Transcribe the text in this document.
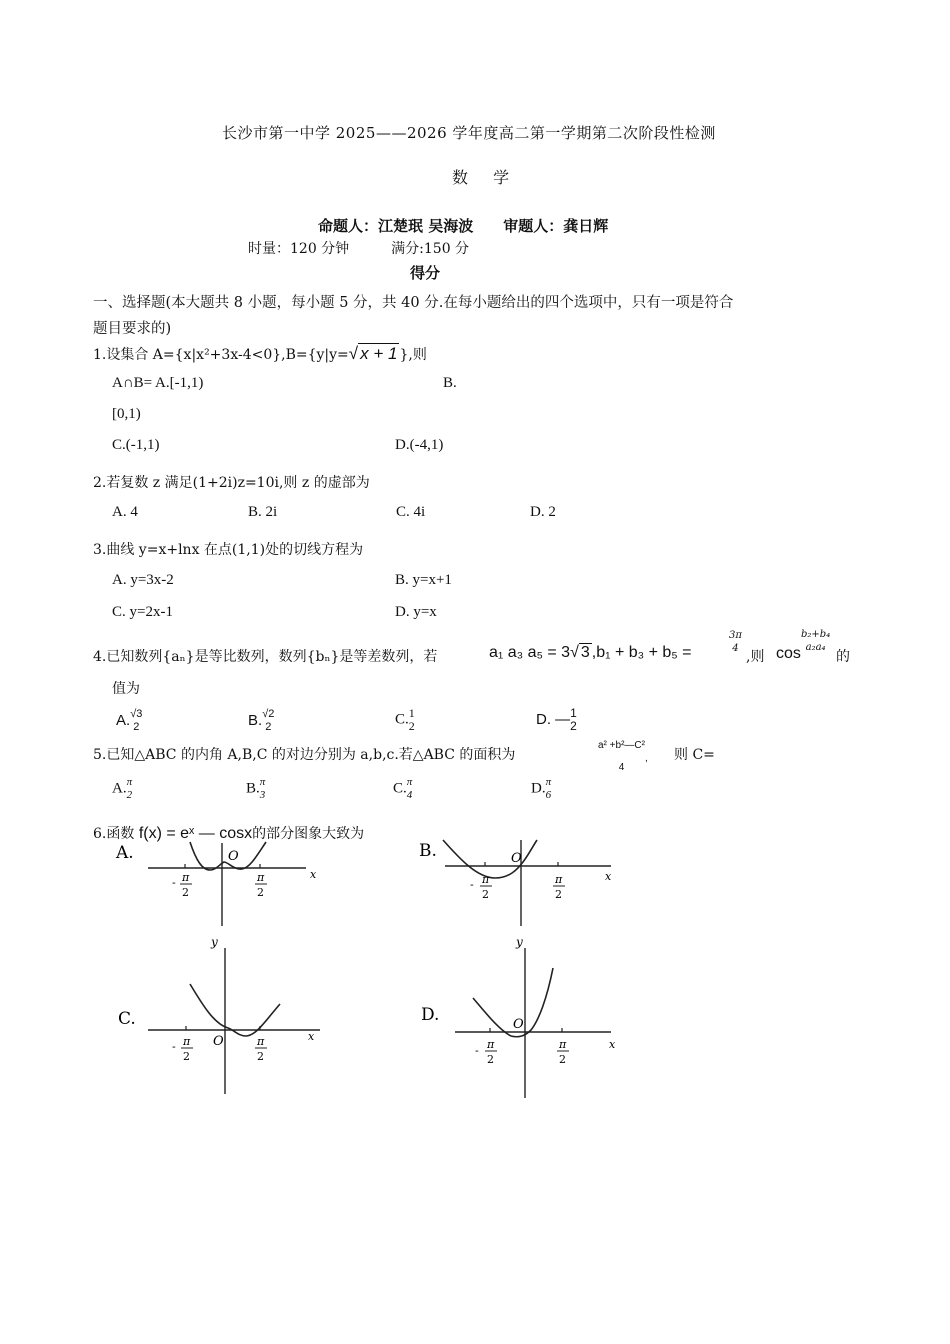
长沙市第一中学 2025——2026 学年度高二第一学期第二次阶段性检测
数 学
命题人：江楚珉 吴海波　　审题人：龚日辉
时量：120 分钟　　　满分:150 分
得分
一、选择题(本大题共 8 小题，每小题 5 分，共 40 分.在每小题给出的四个选项中，只有一项是符合
题目要求的)
1.设集合 A={x|x²+3x-4<0},B={y|y=√ x + 1 },则
A∩B= A.[-1,1)	B.
[0,1)
C.(-1,1)	D.(-4,1)
2.若复数 z 满足(1+2i)z=10i,则 z 的虚部为
A. 4	B. 2i	C. 4i	D. 2
3.曲线 y=x+lnx 在点(1,1)处的切线方程为
A. y=3x-2	B. y=x+1
C. y=2x-1	D. y=x
4.已知数列{aₙ}是等比数列，数列{bₙ}是等差数列，若	a₁ a₃ a₅ = 3√ 3 ,b₁ + b₃ + b₅ =
3π
4
,则 cos
b₂+b₄
a₂a₄
的
值为
A. √3
2	B. √2
2	C. 1
2	D. — 1
2
5.已知△ABC 的内角 A,B,C 的对边分别为 a,b,c.若△ABC 的面积为
a² +b²—C²
4
, 则 C=
A. π
2	B. π
3	C. π
4	D. π
6
6.函数 f(x) = eˣ — cosx的部分图象大致为
A.	O
x
- π
2
π
2
B.	O
x
- π
2
π
2
y
C.
O	x
- π
2
π
2
y
D.	O
x
- π
2
π
2
